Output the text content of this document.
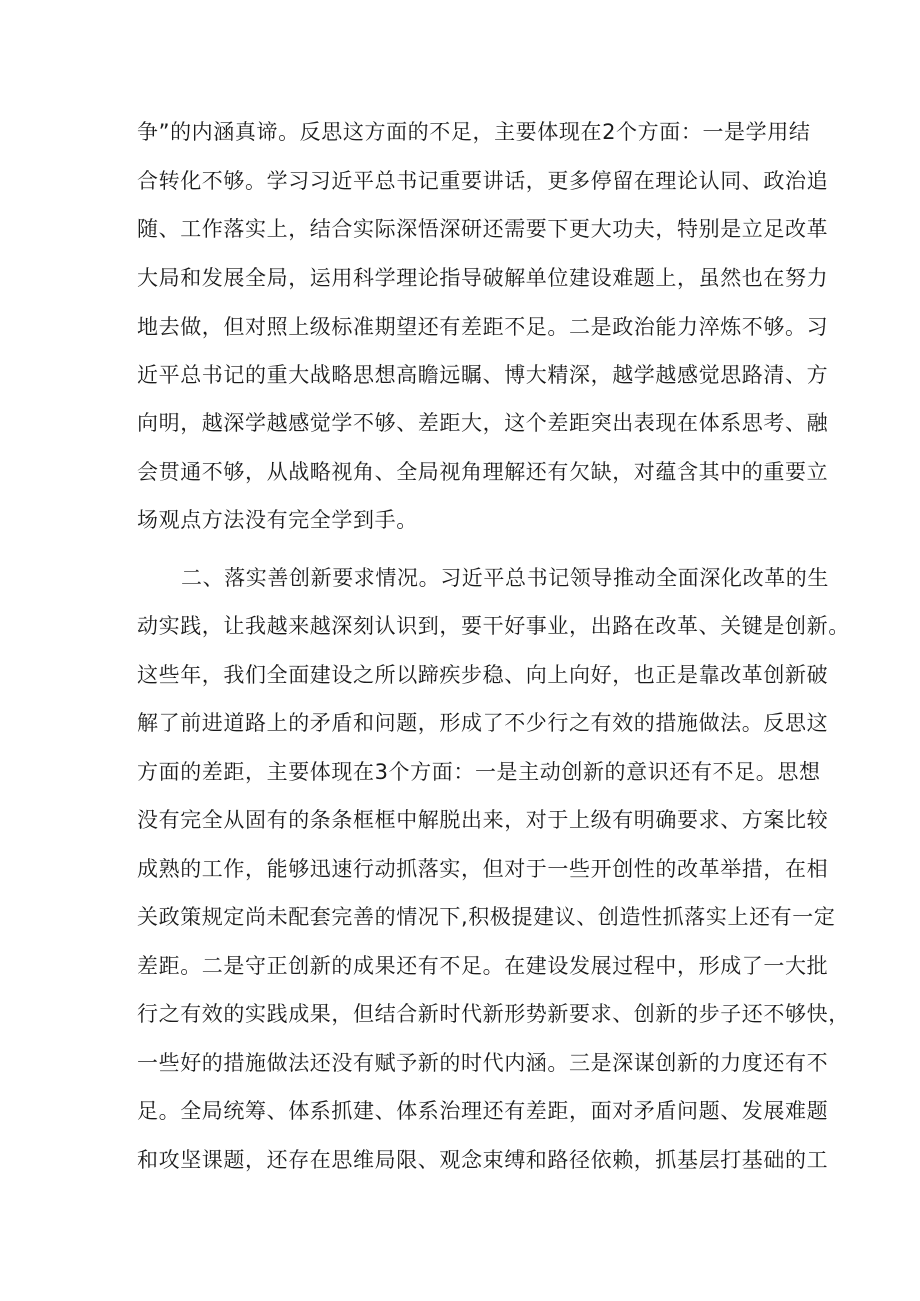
争”的内涵真谛。反思这方面的不足，主要体现在2个方面：一是学用结
合转化不够。学习习近平总书记重要讲话，更多停留在理论认同、政治追
随、工作落实上，结合实际深悟深研还需要下更大功夫，特别是立足改革
大局和发展全局，运用科学理论指导破解单位建设难题上，虽然也在努力
地去做，但对照上级标准期望还有差距不足。二是政治能力淬炼不够。习
近平总书记的重大战略思想高瞻远瞩、博大精深，越学越感觉思路清、方
向明，越深学越感觉学不够、差距大，这个差距突出表现在体系思考、融
会贯通不够，从战略视角、全局视角理解还有欠缺，对蕴含其中的重要立
场观点方法没有完全学到手。
二、落实善创新要求情况。习近平总书记领导推动全面深化改革的生
动实践，让我越来越深刻认识到，要干好事业，出路在改革、关键是创新。
这些年，我们全面建设之所以蹄疾步稳、向上向好，也正是靠改革创新破
解了前进道路上的矛盾和问题，形成了不少行之有效的措施做法。反思这
方面的差距，主要体现在3个方面：一是主动创新的意识还有不足。思想
没有完全从固有的条条框框中解脱出来，对于上级有明确要求、方案比较
成熟的工作，能够迅速行动抓落实，但对于一些开创性的改革举措，在相
关政策规定尚未配套完善的情况下,积极提建议、创造性抓落实上还有一定
差距。二是守正创新的成果还有不足。在建设发展过程中，形成了一大批
行之有效的实践成果，但结合新时代新形势新要求、创新的步子还不够快，
一些好的措施做法还没有赋予新的时代内涵。三是深谋创新的力度还有不
足。全局统筹、体系抓建、体系治理还有差距，面对矛盾问题、发展难题
和攻坚课题，还存在思维局限、观念束缚和路径依赖，抓基层打基础的工
